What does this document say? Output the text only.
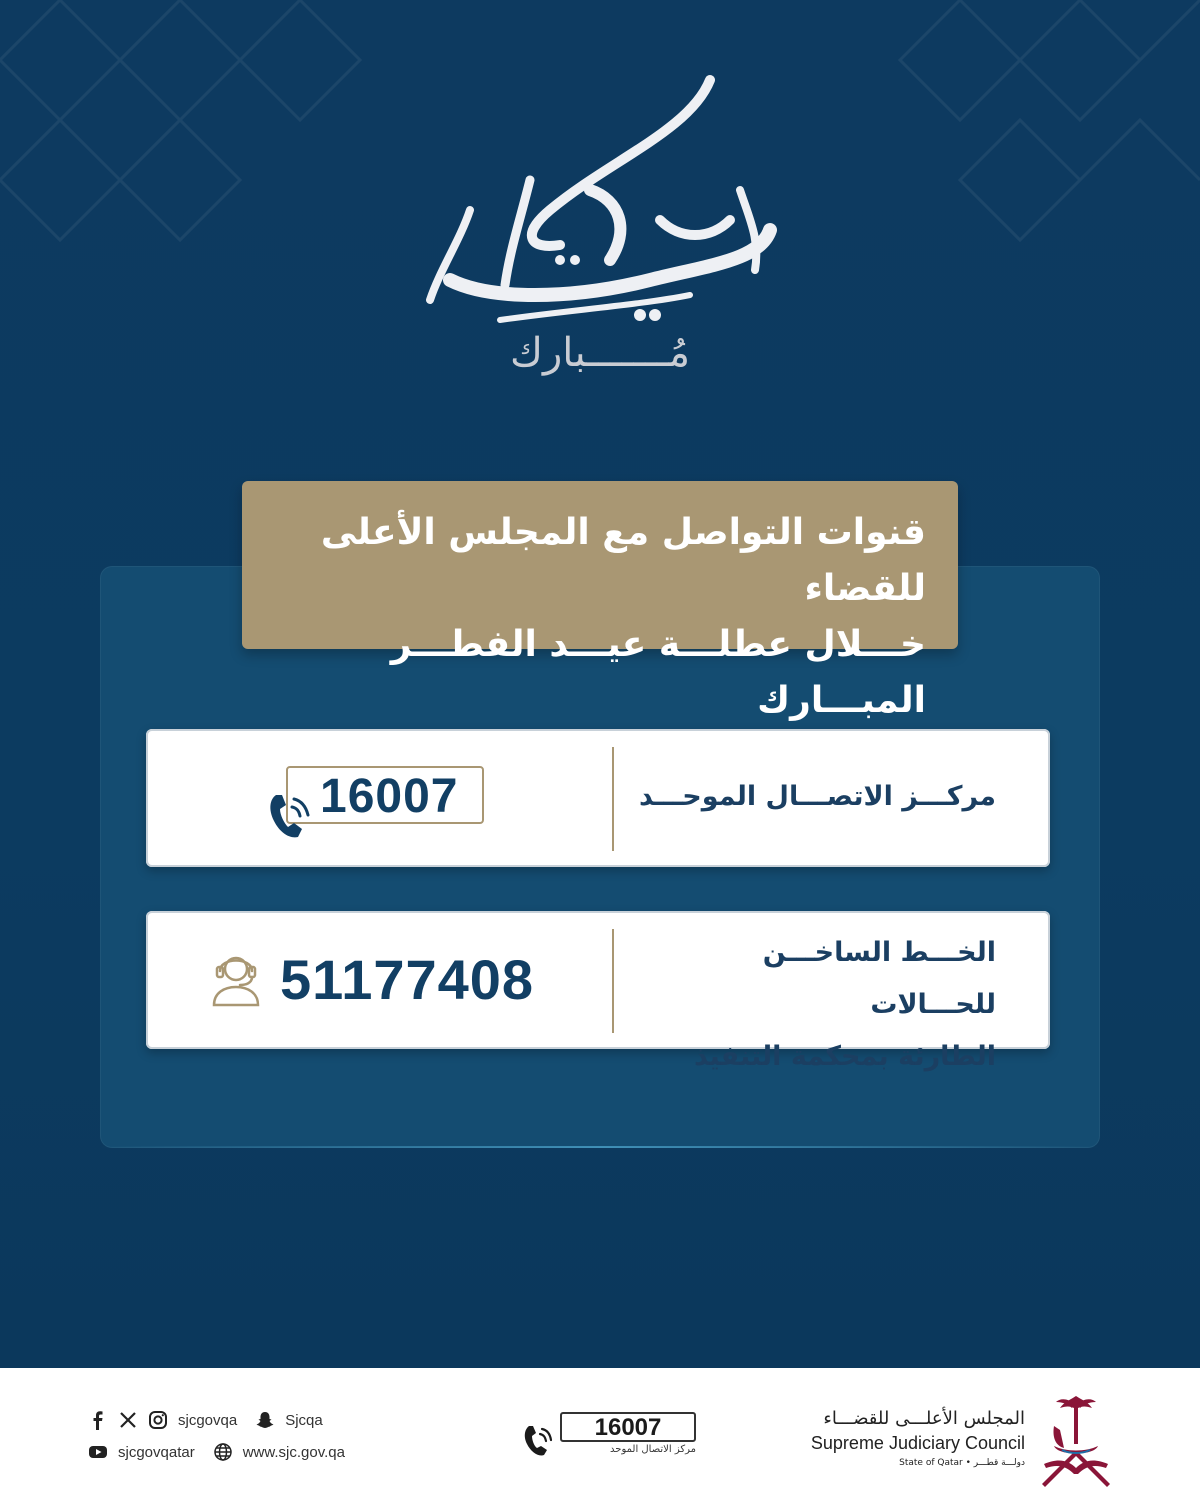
مُـــــــبارك
قنوات التواصل مع المجلس الأعلى للقضاء
خـــلال عطلـــة عيـــد الفطـــر المبـــارك
مركـــز الاتصـــال الموحـــد
16007
الخـــط الساخـــن للحـــالات
الطارئة بمحكمة التنفيذ
51177408
sjcgovqa	Sjcqa
sjcgovqatar	www.sjc.gov.qa
16007
مركز الاتصال الموحد
المجلس الأعلـــى للقضـــاء
Supreme Judiciary Council
State of Qatar • دولـــة قطـــر
